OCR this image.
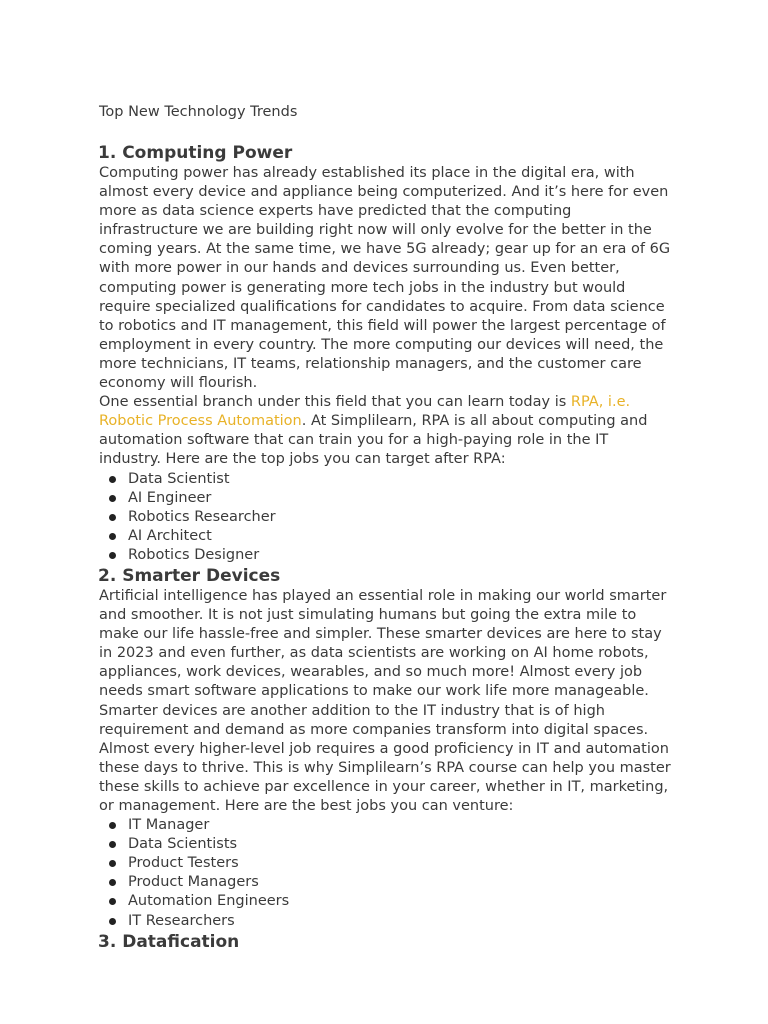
Top New Technology Trends
1. Computing Power

Computing power has already established its place in the digital era, with almost every device and appliance being computerized. And it’s here for even more as data science experts have predicted that the computing infrastructure we are building right now will only evolve for the better in the coming years. At the same time, we have 5G already; gear up for an era of 6G with more power in our hands and devices surrounding us. Even better, computing power is generating more tech jobs in the industry but would require specialized qualifications for candidates to acquire. From data science to robotics and IT management, this field will power the largest percentage of employment in every country. The more computing our devices will need, the more technicians, IT teams, relationship managers, and the customer care economy will flourish.

One essential branch under this field that you can learn today is RPA, i.e. Robotic Process Automation. At Simplilearn, RPA is all about computing and automation software that can train you for a high-paying role in the IT industry. Here are the top jobs you can target after RPA:

Data Scientist
AI Engineer
Robotics Researcher
AI Architect
Robotics Designer
2. Smarter Devices

Artificial intelligence has played an essential role in making our world smarter and smoother. It is not just simulating humans but going the extra mile to make our life hassle-free and simpler. These smarter devices are here to stay in 2023 and even further, as data scientists are working on AI home robots, appliances, work devices, wearables, and so much more! Almost every job needs smart software applications to make our work life more manageable. Smarter devices are another addition to the IT industry that is of high requirement and demand as more companies transform into digital spaces. Almost every higher-level job requires a good proficiency in IT and automation these days to thrive. This is why Simplilearn’s RPA course can help you master these skills to achieve par excellence in your career, whether in IT, marketing, or management. Here are the best jobs you can venture:

IT Manager
Data Scientists
Product Testers
Product Managers
Automation Engineers
IT Researchers
3. Datafication
